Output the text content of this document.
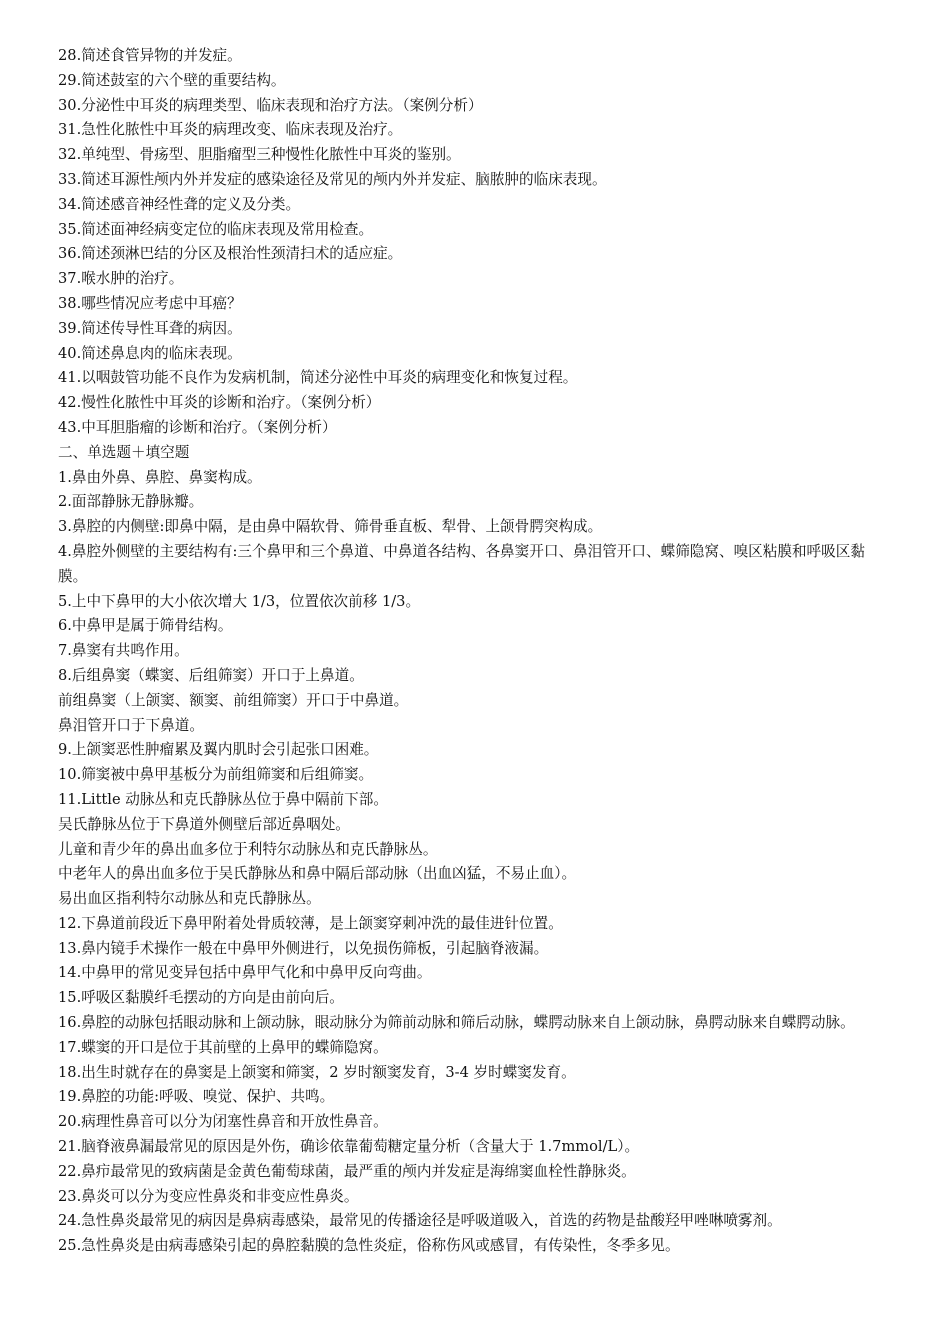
28.简述食管异物的并发症。

29.简述鼓室的六个壁的重要结构。

30.分泌性中耳炎的病理类型、临床表现和治疗方法。（案例分析）

31.急性化脓性中耳炎的病理改变、临床表现及治疗。

32.单纯型、骨疡型、胆脂瘤型三种慢性化脓性中耳炎的鉴别。

33.简述耳源性颅内外并发症的感染途径及常见的颅内外并发症、脑脓肿的临床表现。

34.简述感音神经性聋的定义及分类。

35.简述面神经病变定位的临床表现及常用检查。

36.简述颈淋巴结的分区及根治性颈清扫术的适应症。

37.喉水肿的治疗。

38.哪些情况应考虑中耳癌？

39.简述传导性耳聋的病因。

40.简述鼻息肉的临床表现。

41.以咽鼓管功能不良作为发病机制，简述分泌性中耳炎的病理变化和恢复过程。

42.慢性化脓性中耳炎的诊断和治疗。（案例分析）

43.中耳胆脂瘤的诊断和治疗。（案例分析）

二、单选题＋填空题

1.鼻由外鼻、鼻腔、鼻窦构成。

2.面部静脉无静脉瓣。

3.鼻腔的内侧壁:即鼻中隔，是由鼻中隔软骨、筛骨垂直板、犁骨、上颌骨腭突构成。

4.鼻腔外侧壁的主要结构有:三个鼻甲和三个鼻道、中鼻道各结构、各鼻窦开口、鼻泪管开口、蝶筛隐窝、嗅区粘膜和呼吸区黏膜。

5.上中下鼻甲的大小依次增大 1/3，位置依次前移 1/3。

6.中鼻甲是属于筛骨结构。

7.鼻窦有共鸣作用。

8.后组鼻窦（蝶窦、后组筛窦）开口于上鼻道。

前组鼻窦（上颌窦、额窦、前组筛窦）开口于中鼻道。

鼻泪管开口于下鼻道。

9.上颌窦恶性肿瘤累及翼内肌时会引起张口困难。

10.筛窦被中鼻甲基板分为前组筛窦和后组筛窦。

11.Little 动脉丛和克氏静脉丛位于鼻中隔前下部。

吴氏静脉丛位于下鼻道外侧壁后部近鼻咽处。

儿童和青少年的鼻出血多位于利特尔动脉丛和克氏静脉丛。

中老年人的鼻出血多位于吴氏静脉丛和鼻中隔后部动脉（出血凶猛，不易止血）。

易出血区指利特尔动脉丛和克氏静脉丛。

12.下鼻道前段近下鼻甲附着处骨质较薄，是上颌窦穿刺冲洗的最佳进针位置。

13.鼻内镜手术操作一般在中鼻甲外侧进行，以免损伤筛板，引起脑脊液漏。

14.中鼻甲的常见变异包括中鼻甲气化和中鼻甲反向弯曲。

15.呼吸区黏膜纤毛摆动的方向是由前向后。

16.鼻腔的动脉包括眼动脉和上颌动脉，眼动脉分为筛前动脉和筛后动脉，蝶腭动脉来自上颌动脉，鼻腭动脉来自蝶腭动脉。

17.蝶窦的开口是位于其前壁的上鼻甲的蝶筛隐窝。

18.出生时就存在的鼻窦是上颌窦和筛窦，2 岁时额窦发育，3-4 岁时蝶窦发育。

19.鼻腔的功能:呼吸、嗅觉、保护、共鸣。

20.病理性鼻音可以分为闭塞性鼻音和开放性鼻音。

21.脑脊液鼻漏最常见的原因是外伤，确诊依靠葡萄糖定量分析（含量大于 1.7mmol/L）。

22.鼻疖最常见的致病菌是金黄色葡萄球菌，最严重的颅内并发症是海绵窦血栓性静脉炎。

23.鼻炎可以分为变应性鼻炎和非变应性鼻炎。

24.急性鼻炎最常见的病因是鼻病毒感染，最常见的传播途径是呼吸道吸入，首选的药物是盐酸羟甲唑啉喷雾剂。

25.急性鼻炎是由病毒感染引起的鼻腔黏膜的急性炎症，俗称伤风或感冒，有传染性，冬季多见。
